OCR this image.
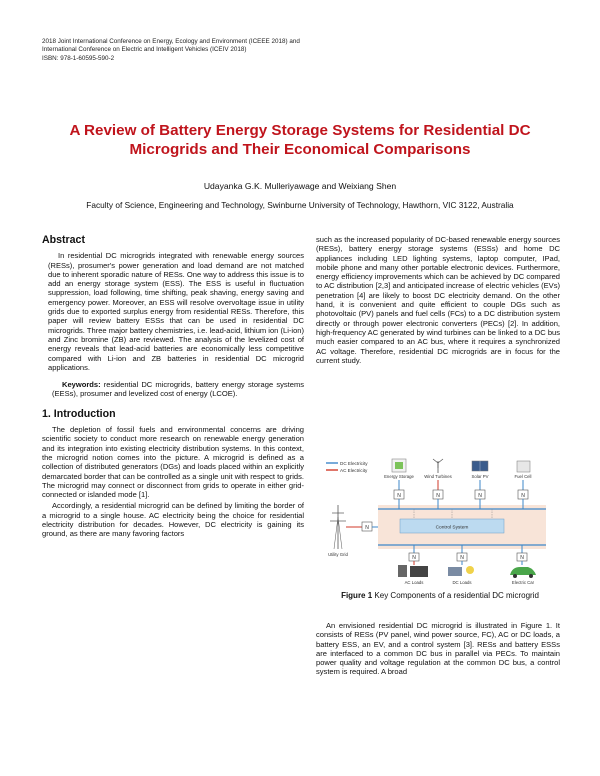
2018 Joint International Conference on Energy, Ecology and Environment (ICEEE 2018) and
International Conference on Electric and Intelligent Vehicles (ICEIV 2018)
ISBN: 978-1-60595-590-2
A Review of Battery Energy Storage Systems for Residential DC
Microgrids and Their Economical Comparisons
Udayanka G.K. Mulleriyawage and Weixiang Shen
Faculty of Science, Engineering and Technology, Swinburne University of Technology, Hawthorn, VIC 3122, Australia
Abstract

In residential DC microgrids integrated with renewable energy sources (RESs), prosumer's power generation and load demand are not matched due to inherent sporadic nature of RESs. One way to address this issue is to add an energy storage system (ESS). The ESS is useful in fluctuation suppression, load following, time shifting, peak shaving, energy saving and emergency power. Moreover, an ESS will resolve overvoltage issue in utility grids due to exported surplus energy from residential RESs. Therefore, this paper will review battery ESSs that can be used in residential DC microgrids. Three major battery chemistries, i.e. lead-acid, lithium ion (Li-ion) and Zinc bromine (ZB) are reviewed. The analysis of the levelized cost of energy reveals that lead-acid batteries are economically less competitive compared with Li-ion and ZB batteries in residential DC microgrid applications.

Keywords: residential DC microgrids, battery energy storage systems (EESs), prosumer and levelized cost of energy (LCOE).

1. Introduction

The depletion of fossil fuels and environmental concerns are driving scientific society to conduct more research on renewable energy generation and its integration into existing electricity distribution systems. In this context, the microgrid notion comes into the picture. A microgrid is defined as a collection of distributed generators (DGs) and loads placed within an explicitly demarcated border that can be controlled as a single unit with respect to grids. The microgrid may connect or disconnect from grids to operate in either grid-connected or islanded mode [1].

Accordingly, a residential microgrid can be defined by limiting the border of a microgrid to a single house. AC electricity being the choice for residential electricity distribution for decades. However, DC electricity is gaining its ground, as there are many favoring factors

such as the increased popularity of DC-based renewable energy sources (RESs), battery energy storage systems (ESSs) and home DC appliances including LED lighting systems, laptop computer, IPad, mobile phone and many other portable electronic devices. Furthermore, energy efficiency improvements which can be achieved by DC compared to AC distribution [2,3] and anticipated increase of electric vehicles (EVs) penetration [4] are likely to boost DC electricity demand. On the other hand, it is convenient and quite efficient to couple DGs such as photovoltaic (PV) panels and fuel cells (FCs) to a DC distribution system directly or through power electronic converters (PECs) [2]. In addition, high-frequency AC generated by wind turbines can be linked to a DC bus much easier compared to an AC bus, where it requires a synchronized AC voltage. Therefore, residential DC microgrids are in focus for the current study.

DC Electricity
AC Electricity
Energy Storage Wind Turbines	Solar PV	Fuel Cell
N	N	N	N
Control System
Utility Grid
N
N	N	N
AC Loads	DC Loads	Electric Car
Figure 1 Key Components of a residential DC microgrid

An envisioned residential DC microgrid is illustrated in Figure 1. It consists of RESs (PV panel, wind power source, FC), AC or DC loads, a battery ESS, an EV, and a control system [3]. RESs and battery ESSs are interfaced to a common DC bus in parallel via PECs. To maintain power quality and voltage regulation at the common DC bus, a control system is required. A broad
